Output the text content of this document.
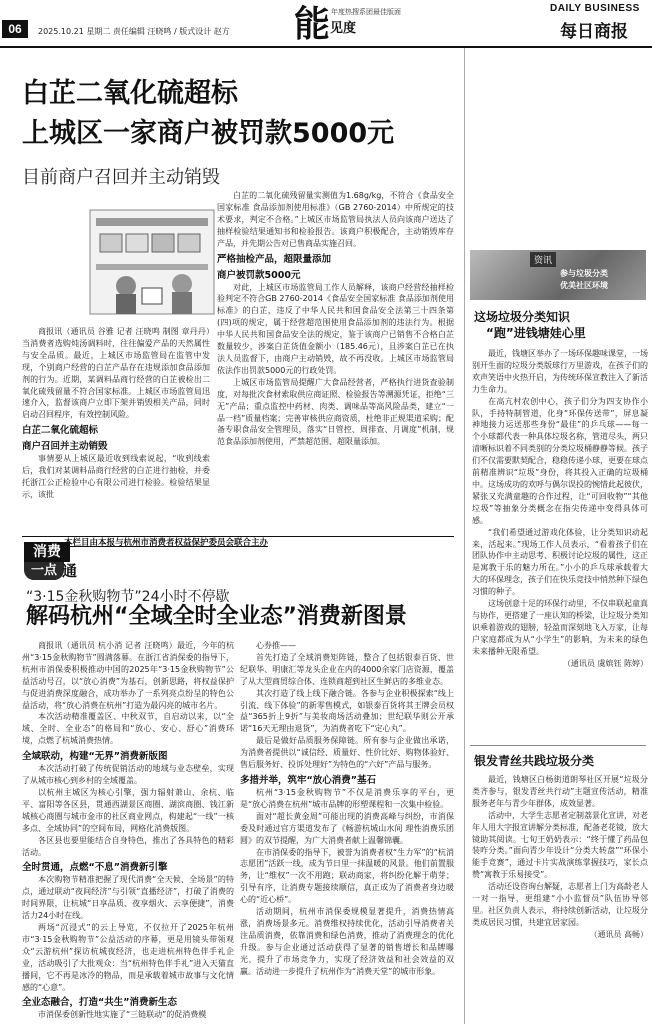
06	2025.10.21 星期二 责任编辑 汪晓鸣 / 版式设计 赵方
年度热搜系团最佳版面
能 见度
DAILY BUSINESS
每日商报
白芷二氧化硫超标
上城区一家商户被罚款5000元
目前商户召回并主动销毁

商报讯（通讯员 谷雅 记者 汪晓鸣 制图 章丹丹）当消费者选购炖汤调料时，往往偏爱产品的天然属性与安全品质。最近，上城区市场监管局在监管中发现，个别商户经营的白芷产品存在违规添加食品添加剂的行为。近期，某调料品商行经营的白芷被检出二氧化硫残留量不符合国家标准。上城区市场监管局迅速介入，监督该商户立即下架并销毁相关产品，同时启动召回程序，有效控制风险。

白芷二氧化硫超标

商户召回并主动销毁

事情要从上城区最近收到线索说起，“收到线索后，我们对某调料品商行经营的白芷进行抽检，并委托浙江公正检验中心有限公司进行检验。检验结果显示，该批

白芷的二氧化硫残留量实测值为1.68g/kg，不符合《食品安全国家标准 食品添加剂使用标准》（GB 2760-2014）中所规定的技术要求，判定不合格。”上城区市场监管局执法人员向该商户送达了抽样检验结果通知书和检验报告。该商户积极配合，主动销毁库存产品，并先期公告对已售商品实施召回。

严格抽检产品，超限量添加

商户被罚款5000元

对此，上城区市场监管局工作人员解释，该商户经营经抽样检验判定不符合GB 2760-2014《食品安全国家标准 食品添加剂使用标准》的白芷，违反了中华人民共和国食品安全法第三十四条第(四)项的规定，属于经营超范围使用食品添加剂的违法行为。根据中华人民共和国食品安全法的规定，鉴于该商户已销售不合格白芷数量较少，涉案白芷货值金额小（185.46元），且涉案白芷已在执法人员监督下，由商户主动销毁，故不再没收。上城区市场监管局依法作出罚款5000元的行政处罚。

上城区市场监管局提醒广大食品经营者，严格执行进货查验制度，对每批次食材索取供应商证照、检验报告等溯源凭证，拒绝“三无”产品；重点监控中药材、肉类、调味品等高风险品类，建立“一品一档”质量档案；完善审核供应商资质，杜绝非正规渠道采购；配备专职食品安全管理员，落实“日管控、周排查、月调度”机制，规范食品添加剂使用，严禁超范围、超限量添加。

消费
一点 通
本栏目由本报与杭州市消费者权益保护委员会联合主办
“3·15金秋购物节”24小时不停歇
解码杭州“全域全时全业态”消费新图景

商报讯（通讯员 杭小消 记者 汪晓鸣）最近，今年的杭州“3·15金秋购物节”圆满落幕。在浙江省消保委的指导下，杭州市消保委积极推动中国的2025年“3·15金秋购物节”公益活动号召，以“放心消费”为基石，创新思路，将权益保护与促进消费深度融合，成功举办了一系列亮点纷呈的特色公益活动，将“放心消费在杭州”打造为最闪亮的城市名片。

本次活动精准覆盖区、中秋双节，自启动以来，以“全域、全时、全业态”的格局和“放心、安心、舒心”消费环境，点燃了杭城消费热情。

全域联动，构建“无界”消费新版图

本次活动打破了传统促销活动的地域与业态壁垒，实现了从城市核心到乡村的全域覆盖。

以杭州主城区为核心引擎，强力辐射萧山、余杭、临平、富阳等各区县，贯通西湖景区商圈、湖滨商圈、钱江新城核心商圈与城市金市的社区商业网点，构建起“一线”一核多点、全域协同”的空间布局，网格化消费版图。

各区县也要里能结合自身特色，推出了各具特色的精彩活动。

全时贯通，点燃“不息”消费新引擎

本次购物节精准把握了现代消费“全天候、全场景”的特点，通过联动“夜间经济”与引领“直播经济”，打破了消费的时间界限，让杭城“日享品质、夜享烟火、云享便捷”，消费活力24小时在线。

两场“沉浸式”的云上导览，不仅拉开了2025年杭州市“3·15金秋购物节”公益活动的序幕，更是用镜头带领观众“云游杭州”探访杭城夜经济，也走进杭州特色伴手礼企业，活动吸引了大批观众：当“杭州特色伴手礼”进入天猫直播间，它不再是冰冷的物品，而是承载着城市故事与文化情感的“心意”。

全业态融合，打造“共生”消费新生态

市消保委创新性地实施了“三链联动”的促消费模

心券推——

首先打造了全域消费矩阵链，整合了包括银泰百货、世纪联华、明康汇等龙头企业在内的4000余家门店资源，覆盖了从大型商贸综合体、连锁商超到社区生鲜店的多维业态。

其次打造了线上线下融合链。各参与企业积极探索“线上引流、线下体验”的新零售模式，如银泰百货将其王牌会员权益“365折上9折”与美妆商场活动叠加；世纪联华则公开承诺“16天无理由退货”，为消费者吃下“定心丸”。

最后是做好品质服务保障链。所有参与企业做出承诺，为消费者提供以“诚信经、质量好、性价比好、购物体验好、售后服务好、投诉处理好”为特色的“六好”产品与服务。

多措并举，筑牢“放心消费”基石

杭州“3·15金秋购物节”不仅是消费乐享的平台，更是“放心消费在杭州”城市品牌的形塑课程和一次集中检验。

面对“超长黄金周”可能出现的消费高峰与纠纷，市消保委及时通过官方渠道发布了《畅游杭城山水间 理性消费乐团圆》的双节提醒，为广大消费者献上温馨锦囊。

在市消保委的指导下，被誉为消费者权“生力军”的“杭消志愿团”活跃一线，成为节日里一抹温暖的风景。他们前置服务，让“维权”一次不用跑；联动商家，将纠纷化解于萌芽；引导有序，让消费专题接续顺信，真正成为了消费者身边暖心的“近心桥”。

活动期间，杭州市消保委规模显著提升，消费热情高涨，消费场景多元。消费维权持续优化，活动引导消费者关注品质消费，依靠消费和绿色消费，推动了消费理念的优化升级。参与企业通过活动获得了显著的销售增长和品牌曝光，提升了市场竞争力，实现了经济效益和社会效益的双赢。活动进一步提升了杭州作为“消费天堂”的城市形象。

资讯
参与垃圾分类
优美社区环境
这场垃圾分类知识
“跑”进钱塘娃心里

最近，钱塘区举办了一场环保趣味课堂，一场别开生面的垃圾分类版球行万里游戏，在孩子们的欢声笑语中火热开启，为传统环保宣教注入了新活力生命力。

在高亢村农创中心，孩子们分为四支协作小队，手持特制管道，化身“环保传送带”，屏息凝神地接力运送那些身份“最佳”的乒乓球——每一个小球都代表一种具体垃圾名称，管道尽头，两只清晰标识着不同类别的分类垃圾桶静静等候。孩子们不仅需要默契配合，稳稳传递小球，更要在球点前精准辨识“垃圾”身份，将其投入正确的垃圾桶中。这场成功的欢呼与偶尔误投的惋惜此起彼伏，紧张又充满童趣的合作过程，让“可回收物”“其他垃圾”等抽象分类概念在指尖传递中变得具体可感。

“我们希望通过游戏化体验，让分类知识动起来，活起来。”现场工作人员表示，“看着孩子们在团队协作中主动思考、积极讨论垃圾的属性，这正是寓教于乐的魅力所在。”小小的乒乓球承载着大大的环保理念，孩子们在快乐竞技中悄然种下绿色习惯的种子。

这场创意十足的环保行动里，不仅串联起童真与协作，更搭建了一座认知的桥梁，让垃圾分类知识乘着游戏的翅膀，轻盈而深刻地飞入万家，让每户家庭都成为从“小学生”的影响，为未来的绿色未来播种无限希望。

（通讯员 虞嫔钰 陈婷）

银发青丝共践垃圾分类

最近，钱塘区白杨街道朗琴社区开展“垃圾分类齐参与，银发青丝共行动”主题宣传活动，精准服务老年与青少年群体，成效显著。

活动中，大学生志愿者定制荔景化宣讲，对老年人用大字报宣讲解分类标准，配备老花镜，放大镜助其阅读。七旬王奶奶表示：“终于懂了药品包装咋分类。”面向青少年设计“分类大转盘”“环保小能手竞赛”，通过卡片实战演练掌握技巧，家长点赞“寓教于乐易接受”。

活动还设咨询台解疑，志愿者上门为高龄老人一对一指导，更组建“小小监督员”队伍协导邻里。社区负责人表示，将持续创新活动，让垃圾分类成居民习惯，共建宜居家园。

（通讯员 高畅）
